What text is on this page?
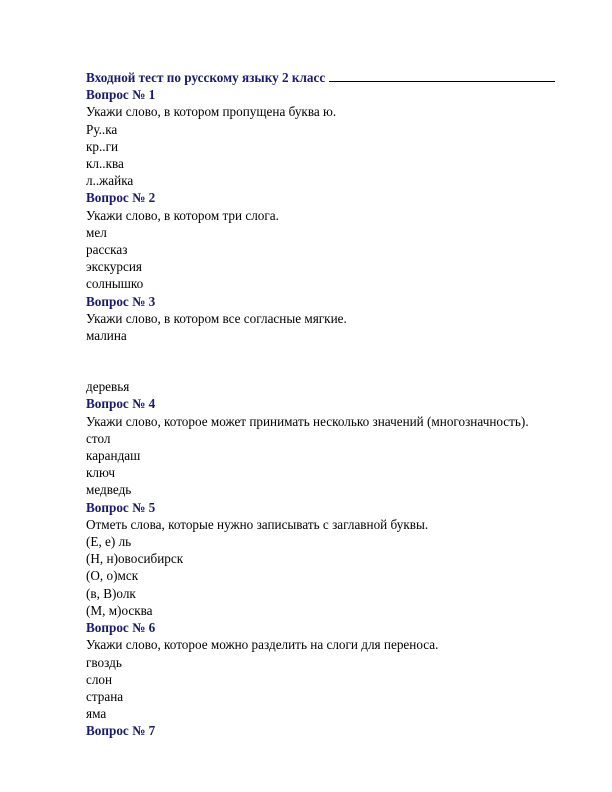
Входной тест по русскому языку 2 класс
Вопрос № 1
Укажи слово, в котором пропущена буква ю.
Ру..ка
кр..ги
кл..ква
л..жайка
Вопрос № 2
Укажи слово, в котором три слога.
мел
рассказ
экскурсия
солнышко
Вопрос № 3
Укажи слово, в котором все согласные мягкие.
малина
деревья
Вопрос № 4
Укажи слово, которое может принимать несколько значений (многозначность).
стол
карандаш
ключ
медведь
Вопрос № 5
Отметь слова, которые нужно записывать с заглавной буквы.
(Е, е) ль
(Н, н)овосибирск
(О, о)мск
(в, В)олк
(М, м)осква
Вопрос № 6
Укажи слово, которое можно разделить на слоги для переноса.
гвоздь
слон
страна
яма
Вопрос № 7
